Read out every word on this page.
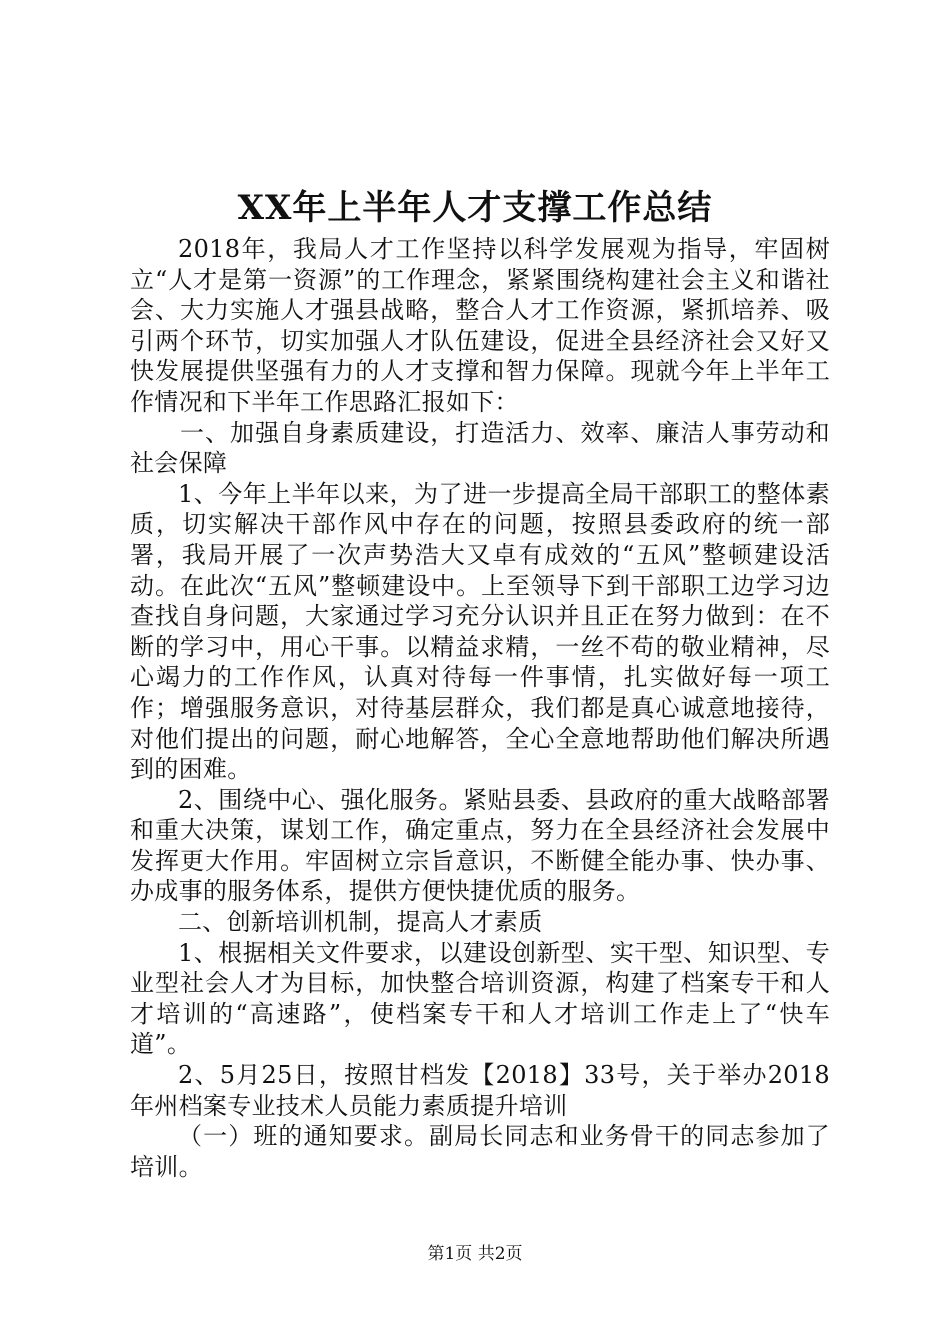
XX年上半年人才支撑工作总结

2018年，我局人才工作坚持以科学发展观为指导，牢固树立“人才是第一资源”的工作理念，紧紧围绕构建社会主义和谐社会、大力实施人才强县战略，整合人才工作资源，紧抓培养、吸引两个环节，切实加强人才队伍建设，促进全县经济社会又好又快发展提供坚强有力的人才支撑和智力保障。现就今年上半年工作情况和下半年工作思路汇报如下：

一、加强自身素质建设，打造活力、效率、廉洁人事劳动和社会保障

1、今年上半年以来，为了进一步提高全局干部职工的整体素质，切实解决干部作风中存在的问题，按照县委政府的统一部署，我局开展了一次声势浩大又卓有成效的“五风”整顿建设活动。在此次“五风”整顿建设中。上至领导下到干部职工边学习边查找自身问题，大家通过学习充分认识并且正在努力做到：在不断的学习中，用心干事。以精益求精，一丝不苟的敬业精神，尽心竭力的工作作风，认真对待每一件事情，扎实做好每一项工作；增强服务意识，对待基层群众，我们都是真心诚意地接待，对他们提出的问题，耐心地解答，全心全意地帮助他们解决所遇到的困难。

2、围绕中心、强化服务。紧贴县委、县政府的重大战略部署和重大决策，谋划工作，确定重点，努力在全县经济社会发展中发挥更大作用。牢固树立宗旨意识，不断健全能办事、快办事、办成事的服务体系，提供方便快捷优质的服务。

二、创新培训机制，提高人才素质

1、根据相关文件要求，以建设创新型、实干型、知识型、专业型社会人才为目标，加快整合培训资源，构建了档案专干和人才培训的“高速路”，使档案专干和人才培训工作走上了“快车道”。

2、5月25日，按照甘档发【2018】33号，关于举办2018年州档案专业技术人员能力素质提升培训

（一）班的通知要求。副局长同志和业务骨干的同志参加了培训。

第1页 共2页
